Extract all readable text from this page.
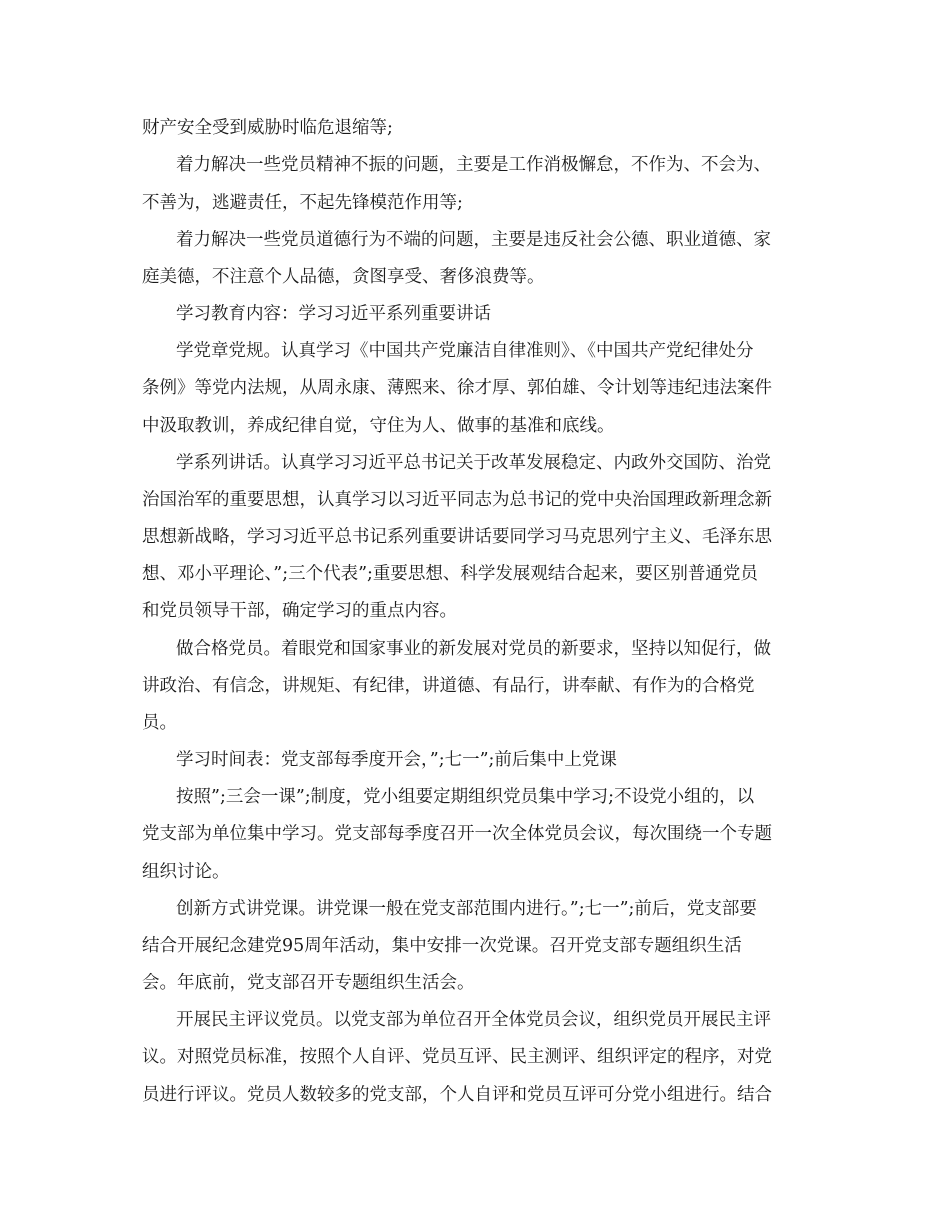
财产安全受到威胁时临危退缩等;
着力解决一些党员精神不振的问题，主要是工作消极懈怠，不作为、不会为、
不善为，逃避责任，不起先锋模范作用等;
着力解决一些党员道德行为不端的问题，主要是违反社会公德、职业道德、家
庭美德，不注意个人品德，贪图享受、奢侈浪费等。
学习教育内容：学习习近平系列重要讲话
学党章党规。认真学习《中国共产党廉洁自律准则》、《中国共产党纪律处分
条例》等党内法规，从周永康、薄熙来、徐才厚、郭伯雄、令计划等违纪违法案件
中汲取教训，养成纪律自觉，守住为人、做事的基准和底线。
学系列讲话。认真学习习近平总书记关于改革发展稳定、内政外交国防、治党
治国治军的重要思想，认真学习以习近平同志为总书记的党中央治国理政新理念新
思想新战略，学习习近平总书记系列重要讲话要同学习马克思列宁主义、毛泽东思
想、邓小平理论、”;三个代表”;重要思想、科学发展观结合起来，要区别普通党员
和党员领导干部，确定学习的重点内容。
做合格党员。着眼党和国家事业的新发展对党员的新要求，坚持以知促行，做
讲政治、有信念，讲规矩、有纪律，讲道德、有品行，讲奉献、有作为的合格党
员。
学习时间表：党支部每季度开会，”;七一”;前后集中上党课
按照”;三会一课”;制度，党小组要定期组织党员集中学习;不设党小组的，以
党支部为单位集中学习。党支部每季度召开一次全体党员会议，每次围绕一个专题
组织讨论。
创新方式讲党课。讲党课一般在党支部范围内进行。”;七一”;前后，党支部要
结合开展纪念建党95周年活动，集中安排一次党课。召开党支部专题组织生活
会。年底前，党支部召开专题组织生活会。
开展民主评议党员。以党支部为单位召开全体党员会议，组织党员开展民主评
议。对照党员标准，按照个人自评、党员互评、民主测评、组织评定的程序，对党
员进行评议。党员人数较多的党支部，个人自评和党员互评可分党小组进行。结合
